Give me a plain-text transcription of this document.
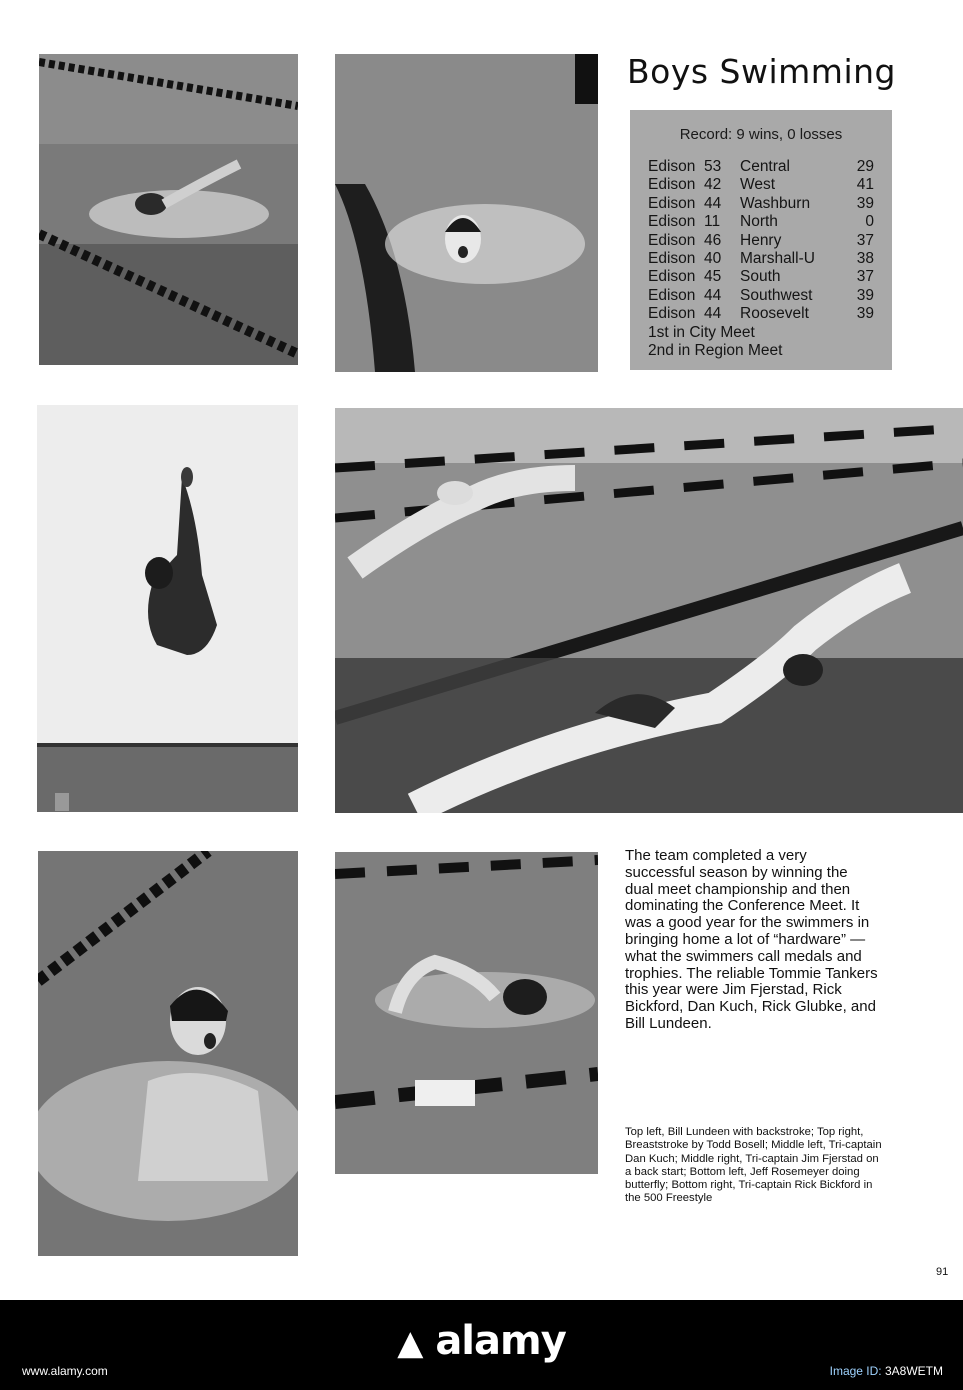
Boys Swimming
Record: 9 wins, 0 losses
Edison 53	Central	29
Edison 42	West	41
Edison 44	Washburn	39
Edison 11	North	0
Edison 46	Henry	37
Edison 40	Marshall-U	38
Edison 45	South	37
Edison 44	Southwest	39
Edison 44	Roosevelt	39
1st in City Meet
2nd in Region Meet
The team completed a very successful season by winning the dual meet championship and then dominating the Conference Meet. It was a good year for the swimmers in bringing home a lot of “hardware” — what the swimmers call medals and trophies. The reliable Tommie Tankers this year were Jim Fjerstad, Rick Bickford, Dan Kuch, Rick Glubke, and Bill Lundeen.
Top left, Bill Lundeen with backstroke; Top right, Breaststroke by Todd Bosell; Middle left, Tri-captain Dan Kuch; Middle right, Tri-captain Jim Fjerstad on a back start; Bottom left, Jeff Rosemeyer doing butterfly; Bottom right, Tri-captain Rick Bickford in the 500 Freestyle
91
▲ alamy
www.alamy.com	Image ID: 3A8WETM
